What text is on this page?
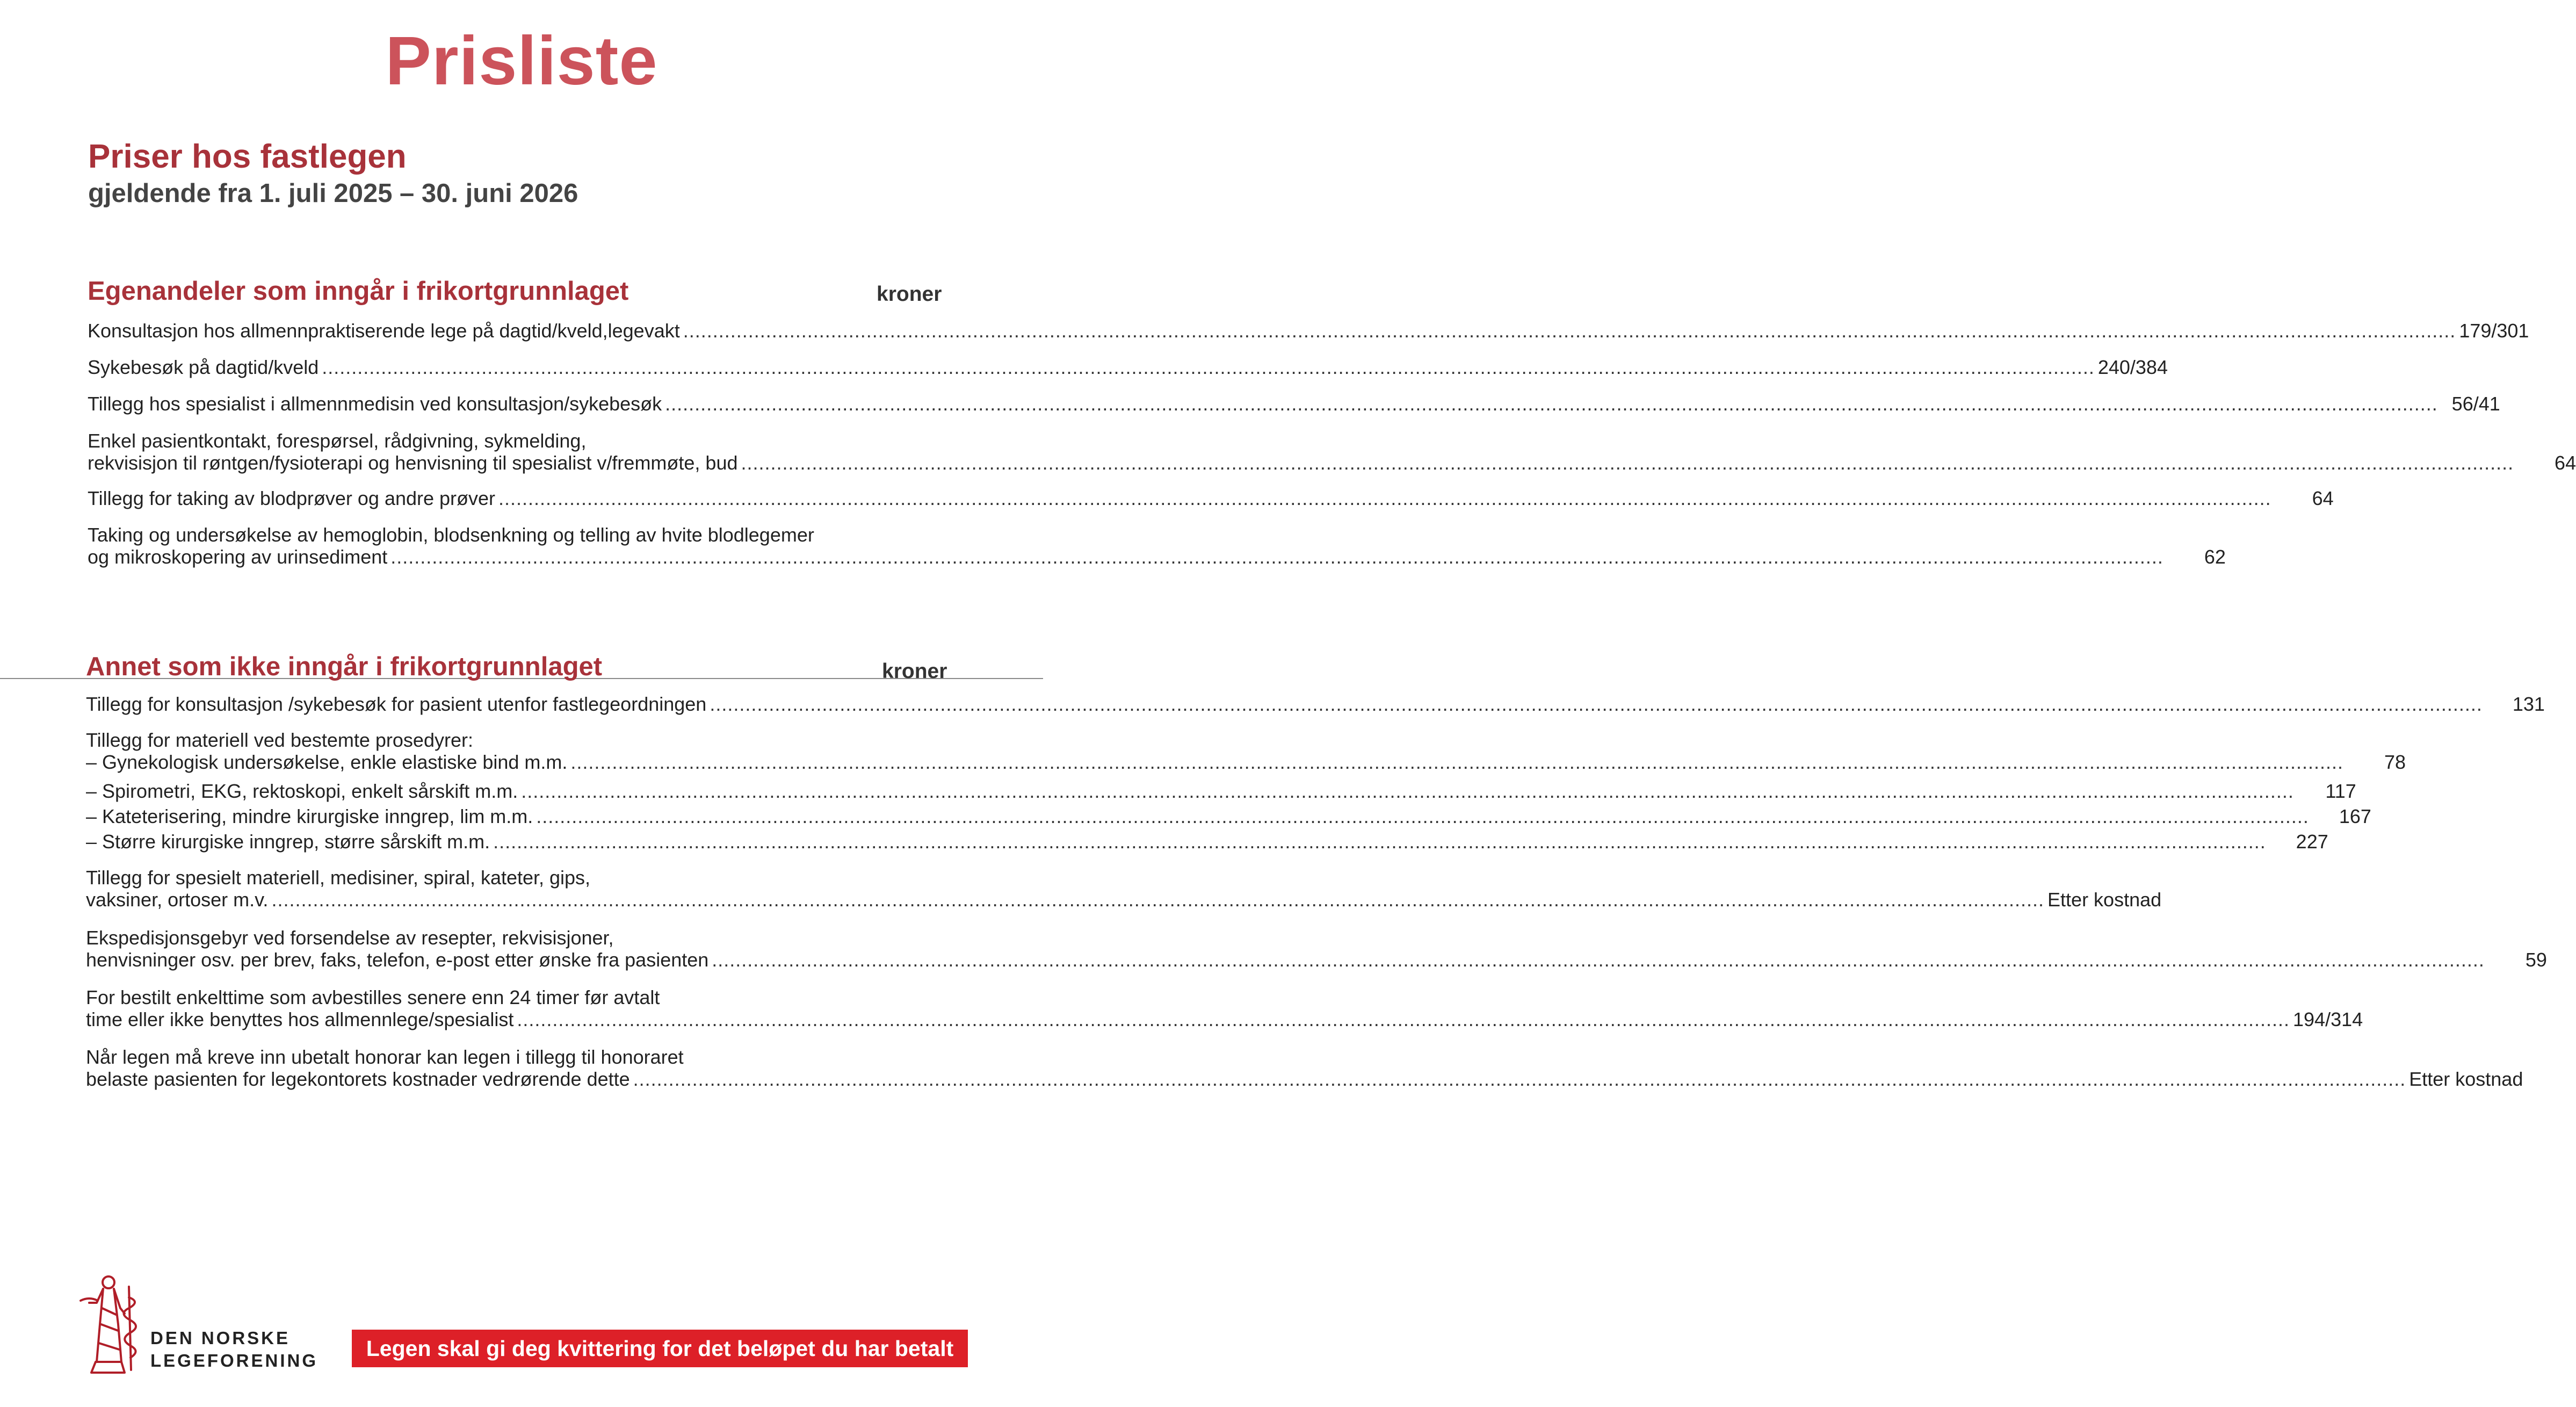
Prisliste
Priser hos fastlegen
gjeldende fra 1. juli 2025 – 30. juni 2026
Egenandeler som inngår i frikortgrunnlaget	kroner
Konsultasjon hos allmennpraktiserende lege på dagtid/kveld,legevakt ............................................................................................................................................................................................................................................................................................................ 179/301
Sykebesøk på dagtid/kveld ............................................................................................................................................................................................................................................................................................................ 240/384
Tillegg hos spesialist i allmennmedisin ved konsultasjon/sykebesøk ............................................................................................................................................................................................................................................................................................................ 56/41
Enkel pasientkontakt, forespørsel, rådgivning, sykmelding,
rekvisisjon til røntgen/fysioterapi og henvisning til spesialist v/fremmøte, bud ............................................................................................................................................................................................................................................................................................................	64
Tillegg for taking av blodprøver og andre prøver ............................................................................................................................................................................................................................................................................................................	64
Taking og undersøkelse av hemoglobin, blodsenkning og telling av hvite blodlegemer
og mikroskopering av urinsediment ............................................................................................................................................................................................................................................................................................................	62
Annet som ikke inngår i frikortgrunnlaget	kroner
Tillegg for konsultasjon /sykebesøk for pasient utenfor fastlegeordningen ............................................................................................................................................................................................................................................................................................................	131
Tillegg for materiell ved bestemte prosedyrer:
– Gynekologisk undersøkelse, enkle elastiske bind m.m. ............................................................................................................................................................................................................................................................................................................	78
– Spirometri, EKG, rektoskopi, enkelt sårskift m.m. ............................................................................................................................................................................................................................................................................................................	117
– Kateterisering, mindre kirurgiske inngrep, lim m.m. ............................................................................................................................................................................................................................................................................................................	167
– Større kirurgiske inngrep, større sårskift m.m. ............................................................................................................................................................................................................................................................................................................	227
Tillegg for spesielt materiell, medisiner, spiral, kateter, gips,
vaksiner, ortoser m.v. ............................................................................................................................................................................................................................................................................................................ Etter kostnad
Ekspedisjonsgebyr ved forsendelse av resepter, rekvisisjoner,
henvisninger osv. per brev, faks, telefon, e-post etter ønske fra pasienten ............................................................................................................................................................................................................................................................................................................	59
For bestilt enkelttime som avbestilles senere enn 24 timer før avtalt
time eller ikke benyttes hos allmennlege/spesialist ............................................................................................................................................................................................................................................................................................................ 194/314
Når legen må kreve inn ubetalt honorar kan legen i tillegg til honoraret
belaste pasienten for legekontorets kostnader vedrørende dette ............................................................................................................................................................................................................................................................................................................ Etter kostnad
DEN NORSKE
LEGEFORENING	Legen skal gi deg kvittering for det beløpet du har betalt
